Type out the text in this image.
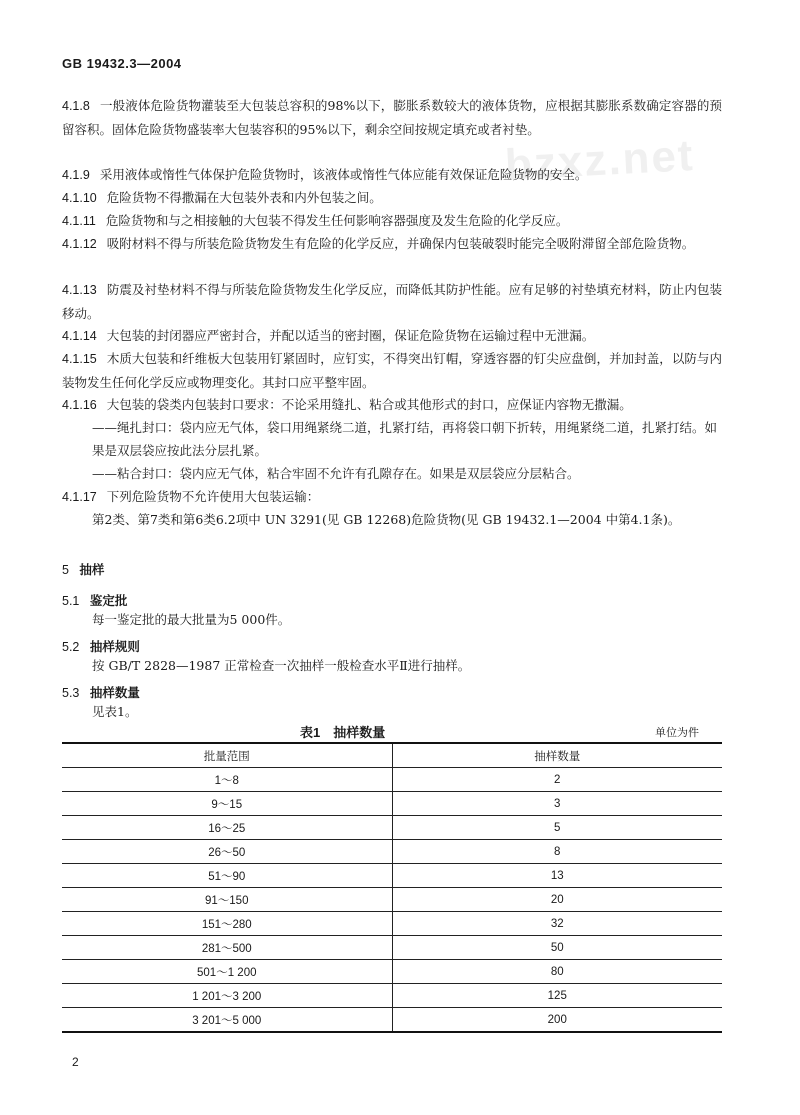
GB 19432.3—2004
bzxz.net
4.1.8 一般液体危险货物灌装至大包装总容积的98%以下，膨胀系数较大的液体货物，应根据其膨胀系数确定容器的预留容积。固体危险货物盛装率大包装容积的95%以下，剩余空间按规定填充或者衬垫。
4.1.9 采用液体或惰性气体保护危险货物时，该液体或惰性气体应能有效保证危险货物的安全。
4.1.10 危险货物不得撒漏在大包装外表和内外包装之间。
4.1.11 危险货物和与之相接触的大包装不得发生任何影响容器强度及发生危险的化学反应。
4.1.12 吸附材料不得与所装危险货物发生有危险的化学反应，并确保内包装破裂时能完全吸附滞留全部危险货物。
4.1.13 防震及衬垫材料不得与所装危险货物发生化学反应，而降低其防护性能。应有足够的衬垫填充材料，防止内包装移动。
4.1.14 大包装的封闭器应严密封合，并配以适当的密封圈，保证危险货物在运输过程中无泄漏。
4.1.15 木质大包装和纤维板大包装用钉紧固时，应钉实，不得突出钉帽，穿透容器的钉尖应盘倒，并加封盖，以防与内装物发生任何化学反应或物理变化。其封口应平整牢固。
4.1.16 大包装的袋类内包装封口要求：不论采用缝扎、粘合或其他形式的封口，应保证内容物无撒漏。
——绳扎封口：袋内应无气体，袋口用绳紧绕二道，扎紧打结，再将袋口朝下折转，用绳紧绕二道，扎紧打结。如果是双层袋应按此法分层扎紧。
——粘合封口：袋内应无气体，粘合牢固不允许有孔隙存在。如果是双层袋应分层粘合。
4.1.17 下列危险货物不允许使用大包装运输：
第2类、第7类和第6类6.2项中 UN 3291(见 GB 12268)危险货物(见 GB 19432.1—2004 中第4.1条)。
5 抽样
5.1 鉴定批
每一鉴定批的最大批量为5 000件。
5.2 抽样规则
按 GB/T 2828—1987 正常检查一次抽样一般检查水平Ⅱ进行抽样。
5.3 抽样数量
见表1。
表1　抽样数量	单位为件
批量范围	抽样数量
1～8	2
9～15	3
16～25	5
26～50	8
51～90	13
91～150	20
151～280	32
281～500	50
501～1 200	80
1 201～3 200	125
3 201～5 000	200
2
